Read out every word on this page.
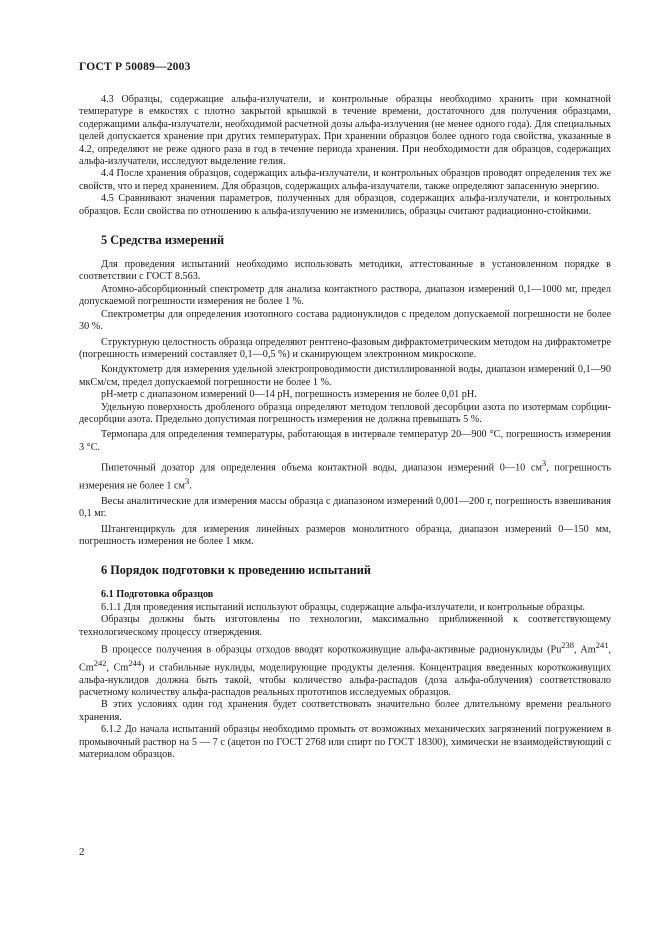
ГОСТ Р 50089—2003

4.3 Образцы, содержащие альфа-излучатели, и контрольные образцы необходимо хранить при комнатной температуре в емкостях с плотно закрытой крышкой в течение времени, достаточного для получения образцами, содержащими альфа-излучатели, необходимой расчетной дозы альфа-излучения (не менее одного года). Для специальных целей допускается хранение при других температурах. При хранении образцов более одного года свойства, указанные в 4.2, определяют не реже одного раза в год в течение периода хранения. При необходимости для образцов, содержащих альфа-излучатели, исследуют выделение гелия.

4.4 После хранения образцов, содержащих альфа-излучатели, и контрольных образцов проводят определения тех же свойств, что и перед хранением. Для образцов, содержащих альфа-излучатели, также определяют запасенную энергию.

4.5 Сравнивают значения параметров, полученных для образцов, содержащих альфа-излучатели, и контрольных образцов. Если свойства по отношению к альфа-излучению не изменились, образцы считают радиационно-стойкими.

5 Средства измерений

Для проведения испытаний необходимо использовать методики, аттестованные в установленном порядке в соответствии с ГОСТ 8.563.

Атомно-абсорбционный спектрометр для анализа контактного раствора, диапазон измерений 0,1—1000 мг, предел допускаемой погрешности измерения не более 1 %.

Спектрометры для определения изотопного состава радионуклидов с пределом допускаемой погрешности не более 30 %.

Структурную целостность образца определяют рентгено-фазовым дифрактометрическим методом на дифрактометре (погрешность измерений составляет 0,1—0,5 %) и сканирующем электронном микроскопе.

Кондуктометр для измерения удельной электропроводимости дистиллированной воды, диапазон измерений 0,1—90 мкСм/см, предел допускаемой погрешности не более 1 %.

pH-метр с диапазоном измерений 0—14 pH, погрешность измерения не более 0,01 pH.

Удельную поверхность дробленого образца определяют методом тепловой десорбции азота по изотермам сорбции-десорбции азота. Предельно допустимая погрешность измерения не должна превышать 5 %.

Термопара для определения температуры, работающая в интервале температур 20—900 °С, погрешность измерения 3 °С.

Пипеточный дозатор для определения объема контактной воды, диапазон измерений 0—10 $см^3$, погрешность измерения не более 1 $см^3$.

Весы аналитические для измерения массы образца с диапазоном измерений 0,001—200 г, погрешность взвешивания 0,1 мг.

Штангенциркуль для измерения линейных размеров монолитного образца, диапазон измерений 0—150 мм, погрешность измерения не более 1 мкм.

6 Порядок подготовки к проведению испытаний
6.1 Подготовка образцов

6.1.1 Для проведения испытаний используют образцы, содержащие альфа-излучатели, и контрольные образцы.

Образцы должны быть изготовлены по технологии, максимально приближенной к соответствующему технологическому процессу отверждения.

В процессе получения в образцы отходов вводят короткоживущие альфа-активные радионуклиды (Pu$^{238}$, Am$^{241}$, Cm$^{242}$, Cm$^{244}$) и стабильные нуклиды, моделирующие продукты деления. Концентрация введенных короткоживущих альфа-нуклидов должна быть такой, чтобы количество альфа-распадов (доза альфа-облучения) соответствовало расчетному количеству альфа-распадов реальных прототипов исследуемых образцов.

В этих условиях один год хранения будет соответствовать значительно более длительному времени реального хранения.

6.1.2 До начала испытаний образцы необходимо промыть от возможных механических загрязнений погружением в промывочный раствор на 5 — 7 с (ацетон по ГОСТ 2768 или спирт по ГОСТ 18300), химически не взаимодействующий с материалом образцов.

2
